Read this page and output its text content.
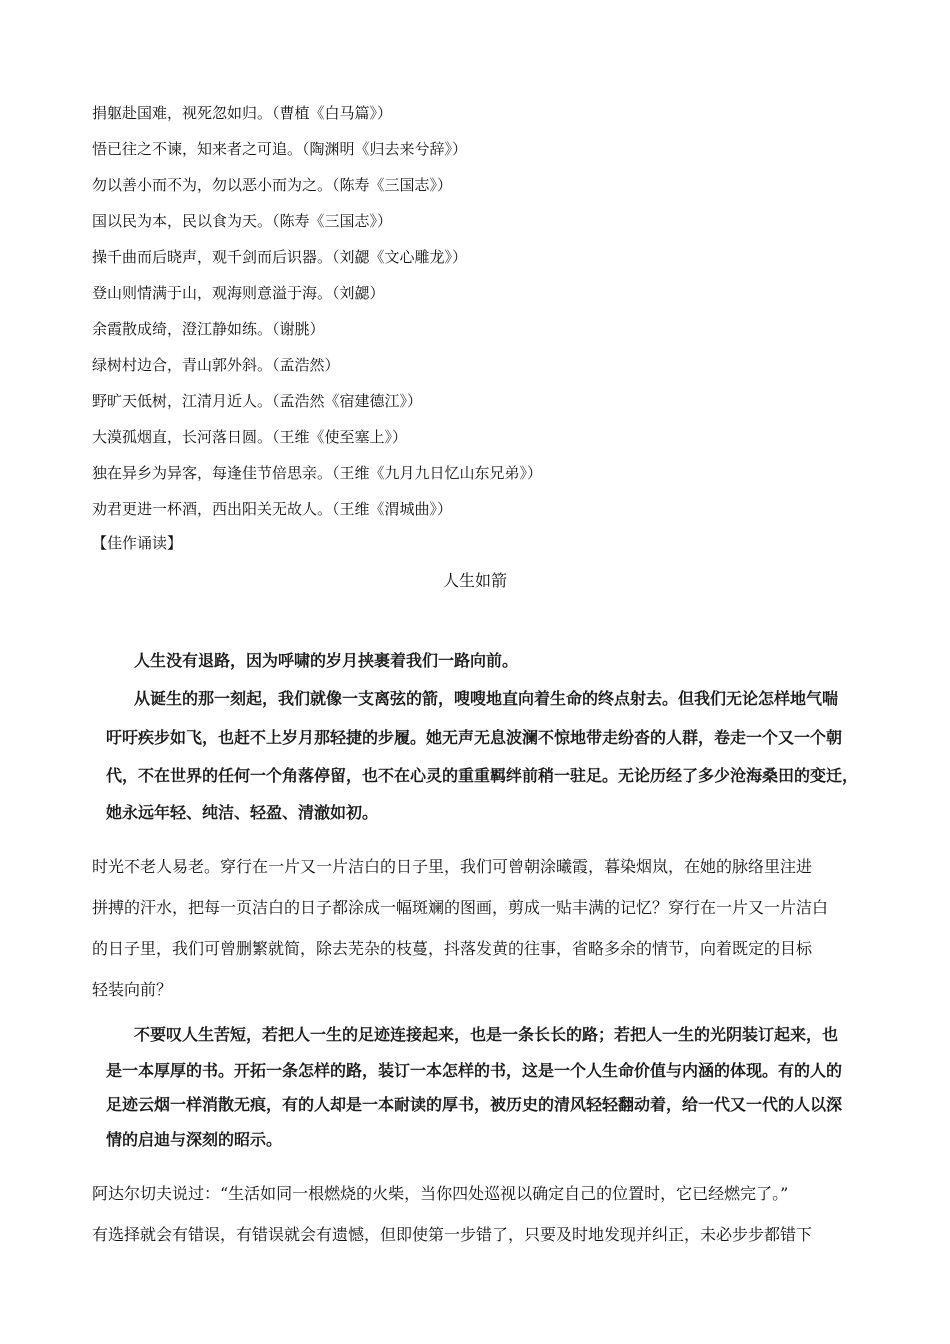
捐躯赴国难，视死忽如归。（曹植《白马篇》）
悟已往之不谏，知来者之可追。（陶渊明《归去来兮辞》）
勿以善小而不为，勿以恶小而为之。（陈寿《三国志》）
国以民为本，民以食为天。（陈寿《三国志》）
操千曲而后晓声，观千剑而后识器。（刘勰《文心雕龙》）
登山则情满于山，观海则意溢于海。（刘勰）
余霞散成绮，澄江静如练。（谢朓）
绿树村边合，青山郭外斜。（孟浩然）
野旷天低树，江清月近人。（孟浩然《宿建德江》）
大漠孤烟直，长河落日圆。（王维《使至塞上》）
独在异乡为异客，每逢佳节倍思亲。（王维《九月九日忆山东兄弟》）
劝君更进一杯酒，西出阳关无故人。（王维《渭城曲》）
【佳作诵读】
人生如箭
人生没有退路，因为呼啸的岁月挟裹着我们一路向前。
从诞生的那一刻起，我们就像一支离弦的箭，嗖嗖地直向着生命的终点射去。但我们无论怎样地气喘
吁吁疾步如飞，也赶不上岁月那轻捷的步履。她无声无息波澜不惊地带走纷沓的人群，卷走一个又一个朝
代，不在世界的任何一个角落停留，也不在心灵的重重羁绊前稍一驻足。无论历经了多少沧海桑田的变迁，
她永远年轻、纯洁、轻盈、清澈如初。
时光不老人易老。穿行在一片又一片洁白的日子里，我们可曾朝涂曦霞，暮染烟岚，在她的脉络里注进
拼搏的汗水，把每一页洁白的日子都涂成一幅斑斓的图画，剪成一贴丰满的记忆？穿行在一片又一片洁白
的日子里，我们可曾删繁就简，除去芜杂的枝蔓，抖落发黄的往事，省略多余的情节，向着既定的目标
轻装向前？
不要叹人生苦短，若把人一生的足迹连接起来，也是一条长长的路；若把人一生的光阴装订起来，也
是一本厚厚的书。开拓一条怎样的路，装订一本怎样的书，这是一个人生命价值与内涵的体现。有的人的
足迹云烟一样消散无痕，有的人却是一本耐读的厚书，被历史的清风轻轻翻动着，给一代又一代的人以深
情的启迪与深刻的昭示。
阿达尔切夫说过：“生活如同一根燃烧的火柴，当你四处巡视以确定自己的位置时，它已经燃完了。”
有选择就会有错误，有错误就会有遗憾，但即使第一步错了，只要及时地发现并纠正，未必步步都错下
